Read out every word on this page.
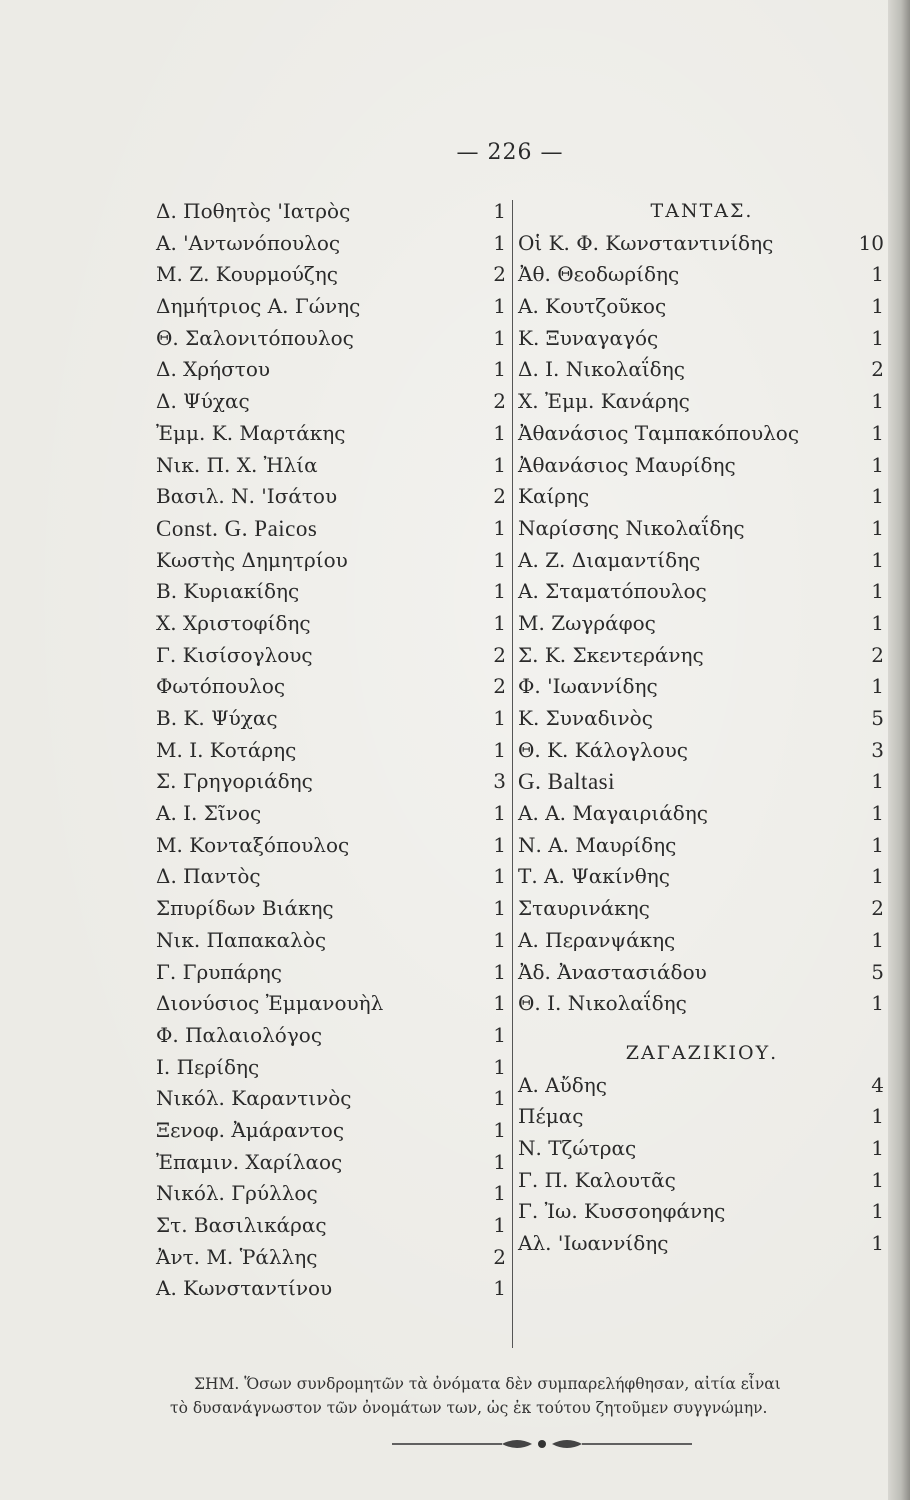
— 226 —
Δ. Ποθητὸς 'Ιατρὸς	1
Α. 'Αντωνόπουλος	1
Μ. Ζ. Κουρμούζης	2
Δημήτριος Α. Γώνης	1
Θ. Σαλονιτόπουλος	1
Δ. Χρήστου	1
Δ. Ψύχας	2
Ἐμμ. Κ. Μαρτάκης	1
Νικ. Π. Χ. Ἠλία	1
Βασιλ. Ν. 'Ισάτου	2
Const. G. Paicos	1
Κωστὴς Δημητρίου	1
Β. Κυριακίδης	1
Χ. Χριστοφίδης	1
Γ. Κισίσογλους	2
Φωτόπουλος	2
Β. Κ. Ψύχας	1
Μ. Ι. Κοτάρης	1
Σ. Γρηγοριάδης	3
Α. Ι. Σῖνος	1
Μ. Κονταξόπουλος	1
Δ. Παντὸς	1
Σπυρίδων Βιάκης	1
Νικ. Παπακαλὸς	1
Γ. Γρυπάρης	1
Διονύσιος Ἐμμανουὴλ	1
Φ. Παλαιολόγος	1
Ι. Περίδης	1
Νικόλ. Καραντινὸς	1
Ξενοφ. Ἀμάραντος	1
Ἐπαμιν. Χαρίλαος	1
Νικόλ. Γρύλλος	1
Στ. Βασιλικάρας	1
Ἀντ. Μ. Ῥάλλης	2
Α. Κωνσταντίνου	1
ΤΑΝΤΑΣ.
Οἱ Κ. Φ. Κωνσταντινίδης	10
Ἀθ. Θεοδωρίδης	1
Α. Κουτζοῦκος	1
Κ. Ξυναγαγός	1
Δ. Ι. Νικολαΐδης	2
Χ. Ἐμμ. Κανάρης	1
Ἀθανάσιος Ταμπακόπουλος	1
Ἀθανάσιος Μαυρίδης	1
Καίρης	1
Ναρίσσης Νικολαΐδης	1
Α. Ζ. Διαμαντίδης	1
Α. Σταματόπουλος	1
Μ. Ζωγράφος	1
Σ. Κ. Σκεντεράνης	2
Φ. 'Ιωαννίδης	1
Κ. Συναδινὸς	5
Θ. Κ. Κάλογλους	3
G. Baltasi	1
Α. Α. Μαγαιριάδης	1
Ν. Α. Μαυρίδης	1
Τ. Α. Ψακίνθης	1
Σταυρινάκης	2
Α. Περανψάκης	1
Ἀδ. Ἀναστασιάδου	5
Θ. Ι. Νικολαΐδης	1
ΖΑΓΑΖΙΚΙΟΥ.
Α. Αὔδης	4
Πέμας	1
Ν. Τζώτρας	1
Γ. Π. Καλουτᾶς	1
Γ. Ἰω. Κυσσοηφάνης	1
Αλ. 'Ιωαννίδης	1
ΣΗΜ. Ὅσων συνδρομητῶν τὰ ὀνόματα δὲν συμπαρελήφθησαν, αἰτία εἶναι
τὸ δυσανάγνωστον τῶν ὀνομάτων των, ὡς ἐκ τούτου ζητοῦμεν συγγνώμην.
